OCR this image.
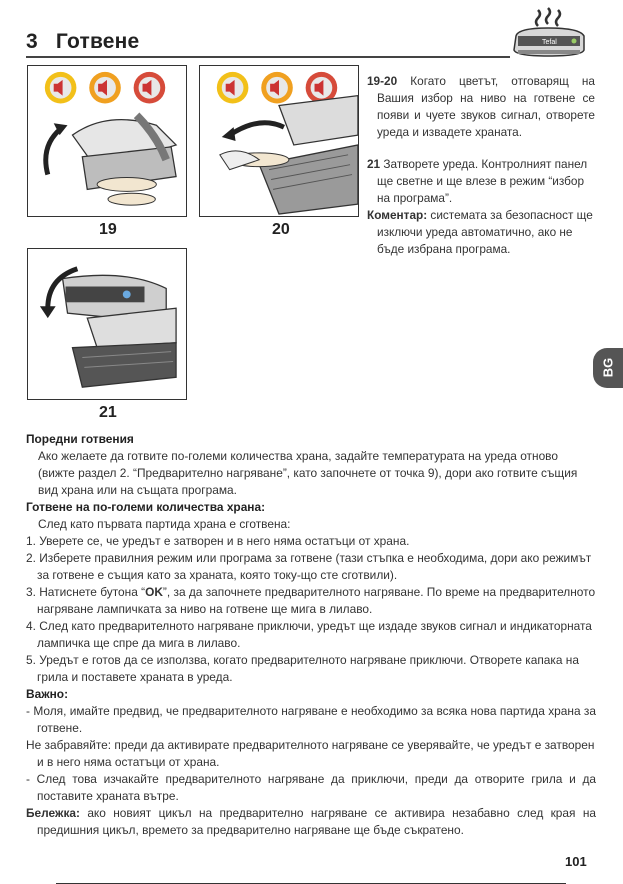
3 Готвене	Tefal
19	20
21

19-20 Когато цветът, отговарящ на Вашия избор на ниво на готвене се появи и чуете звуков сигнал, отворете уреда и извадете храната.

21 Затворете уреда. Контролният панел ще светне и ще влезе в режим “избор на програма”.

Коментар: системата за безопасност ще изключи уреда автоматично, ако не бъде избрана програма.

BG
Поредни готвения
Ако желаете да готвите по-големи количества храна, задайте температурата на уреда отново (вижте раздел 2. “Предварително нагряване”, като започнете от точка 9), дори ако готвите същия вид храна или на същата програма.
Готвене на по-големи количества храна:
След като първата партида храна е сготвена:
1. Уверете се, че уредът е затворен и в него няма остатъци от храна.
2. Изберете правилния режим или програма за готвене (тази стъпка е необходима, дори ако режимът за готвене е същия като за храната, която току-що сте сготвили).
3. Натиснете бутона “OK”, за да започнете предварителното нагряване. По време на предварителното нагряване лампичката за ниво на готвене ще мига в лилаво.
4. След като предварителното нагряване приключи, уредът ще издаде звуков сигнал и индикаторната лампичка ще спре да мига в лилаво.
5. Уредът е готов да се използва, когато предварителното нагряване приключи. Отворете капака на грила и поставете храната в уреда.
Важно:
- Моля, имайте предвид, че предварителното нагряване е необходимо за всяка нова партида храна за готвене.
Не забравяйте: преди да активирате предварителното нагряване се уверявайте, че уредът е затворен и в него няма остатъци от храна.
- След това изчакайте предварителното нагряване да приключи, преди да отворите грила и да поставите храната вътре.
Бележка: ако новият цикъл на предварително нагряване се активира незабавно след края на предишния цикъл, времето за предварително нагряване ще бъде съкратено.
101
